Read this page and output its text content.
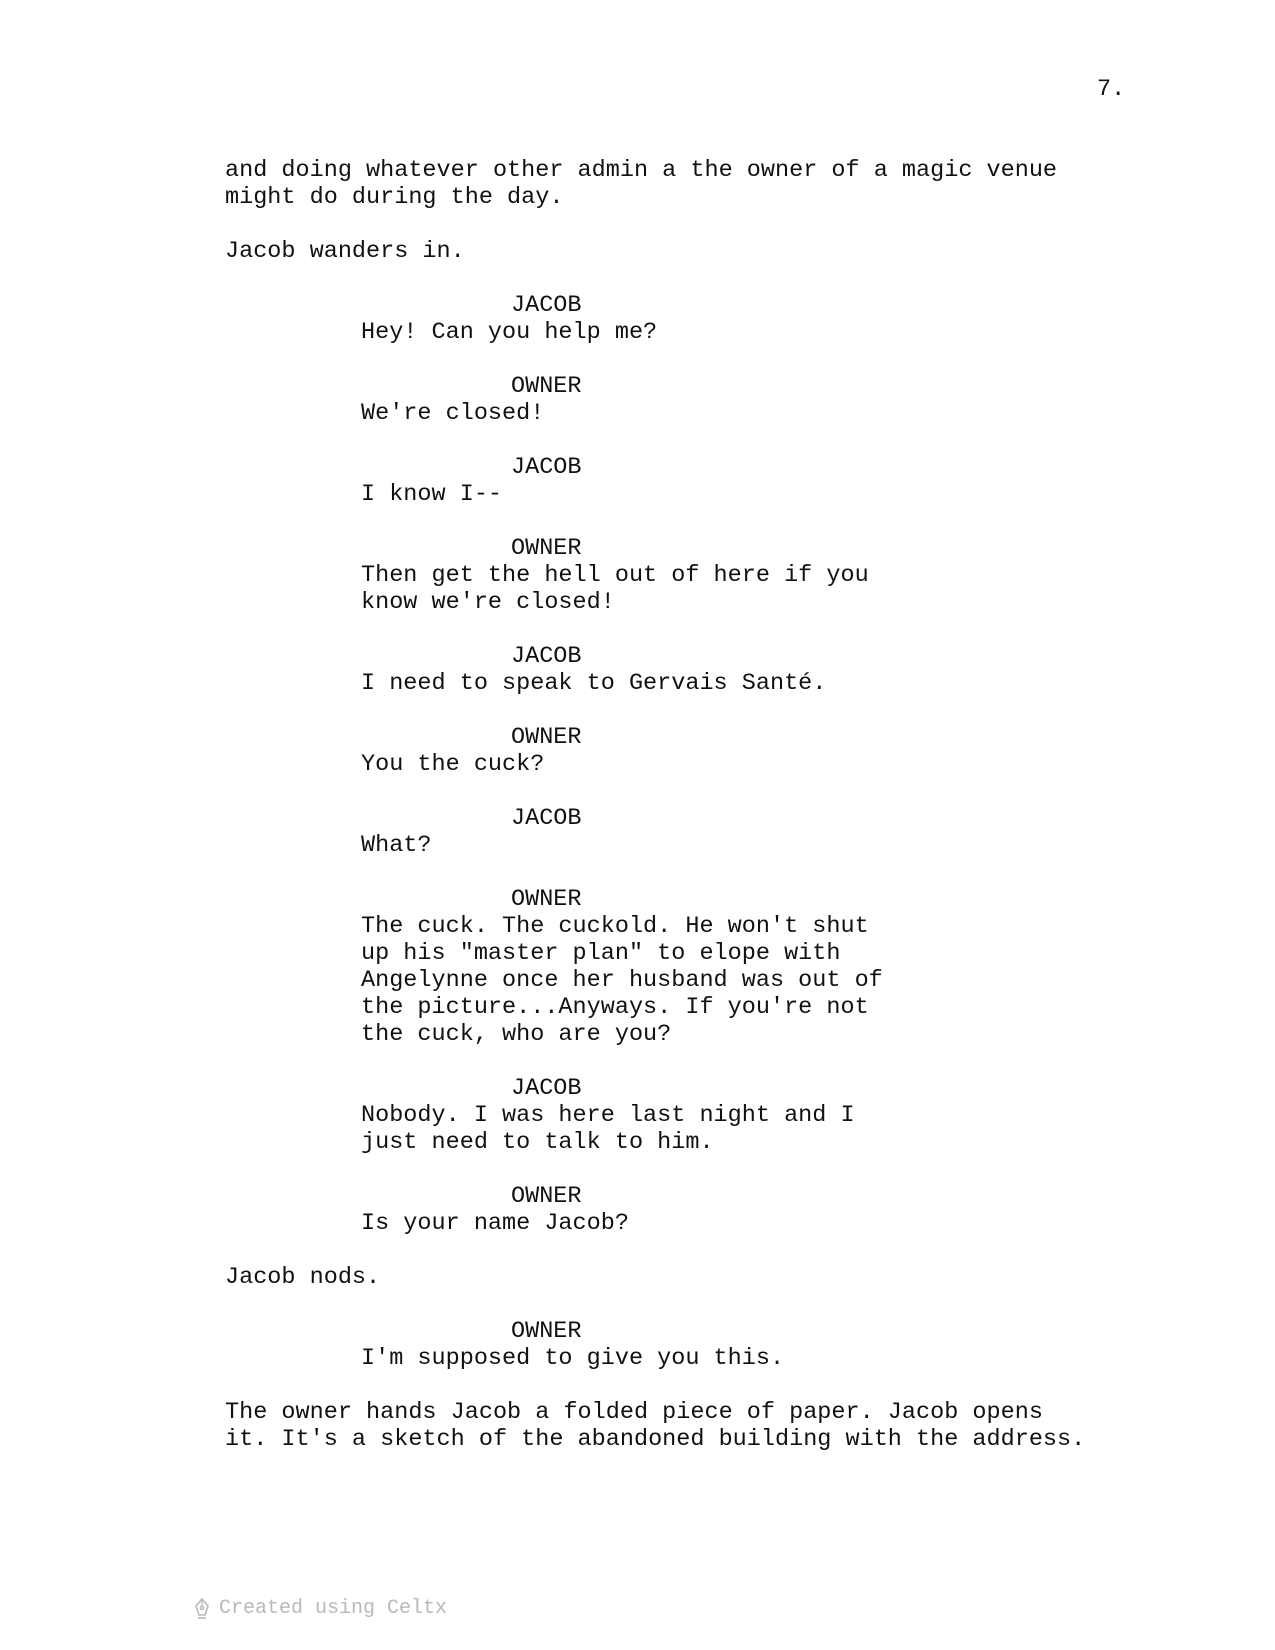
7.
and doing whatever other admin a the owner of a magic venue
might do during the day.
Jacob wanders in.
JACOB
Hey! Can you help me?
OWNER
We're closed!
JACOB
I know I--
OWNER
Then get the hell out of here if you
know we're closed!
JACOB
I need to speak to Gervais Santé.
OWNER
You the cuck?
JACOB
What?
OWNER
The cuck. The cuckold. He won't shut
up his "master plan" to elope with
Angelynne once her husband was out of
the picture...Anyways. If you're not
the cuck, who are you?
JACOB
Nobody. I was here last night and I
just need to talk to him.
OWNER
Is your name Jacob?
Jacob nods.
OWNER
I'm supposed to give you this.
The owner hands Jacob a folded piece of paper. Jacob opens
it. It's a sketch of the abandoned building with the address.
Created using Celtx
